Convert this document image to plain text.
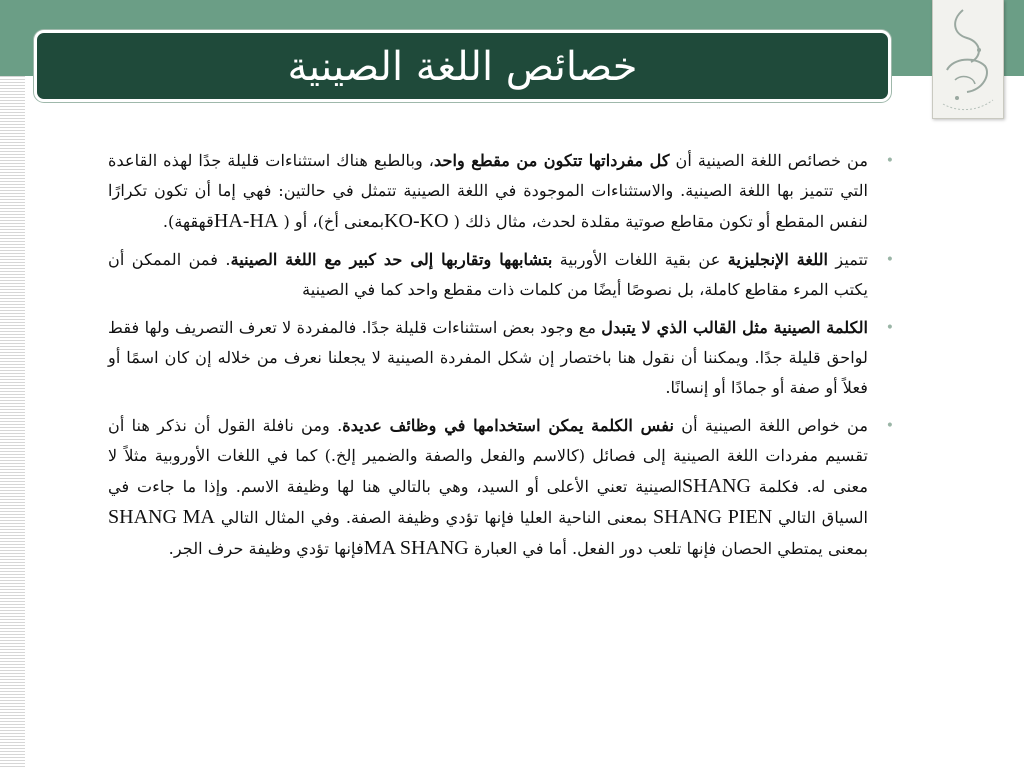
خصائص اللغة الصينية
•
من خصائص اللغة الصينية أن كل مفرداتها تتكون من مقطع واحد، وبالطبع هناك استثناءات قليلة جدًا لهذه القاعدة التي تتميز بها اللغة الصينية. والاستثناءات الموجودة في اللغة الصينية تتمثل في حالتين: فهي إما أن تكون تكرارًا لنفس المقطع أو تكون مقاطع صوتية مقلدة لحدث، مثال ذلك ( KO-KOبمعنى أخ)، أو ( HA-HAقهقهة).
•
تتميز اللغة الإنجليزية عن بقية اللغات الأوربية بتشابهها وتقاربها إلى حد كبير مع اللغة الصينية. فمن الممكن أن يكتب المرء مقاطع كاملة، بل نصوصًا أيضًا من كلمات ذات مقطع واحد كما في الصينية
•
الكلمة الصينية مثل القالب الذي لا يتبدل مع وجود بعض استثناءات قليلة جدًا. فالمفردة لا تعرف التصريف ولها فقط لواحق قليلة جدًا. ويمكننا أن نقول هنا باختصار إن شكل المفردة الصينية لا يجعلنا نعرف من خلاله إن كان اسمًا أو فعلاً أو صفة أو جمادًا أو إنسانًا.
•
من خواص اللغة الصينية أن نفس الكلمة يمكن استخدامها في وظائف عديدة. ومن نافلة القول أن نذكر هنا أن تقسيم مفردات اللغة الصينية إلى فصائل (كالاسم والفعل والصفة والضمير إلخ.) كما في اللغات الأوروبية مثلاً لا معنى له. فكلمة SHANGالصينية تعني الأعلى أو السيد، وهي بالتالي هنا لها وظيفة الاسم. وإذا ما جاءت في السياق التالي SHANG PIEN بمعنى الناحية العليا فإنها تؤدي وظيفة الصفة. وفي المثال التالي SHANG MA بمعنى يمتطي الحصان فإنها تلعب دور الفعل. أما في العبارة MA SHANGفإنها تؤدي وظيفة حرف الجر.
